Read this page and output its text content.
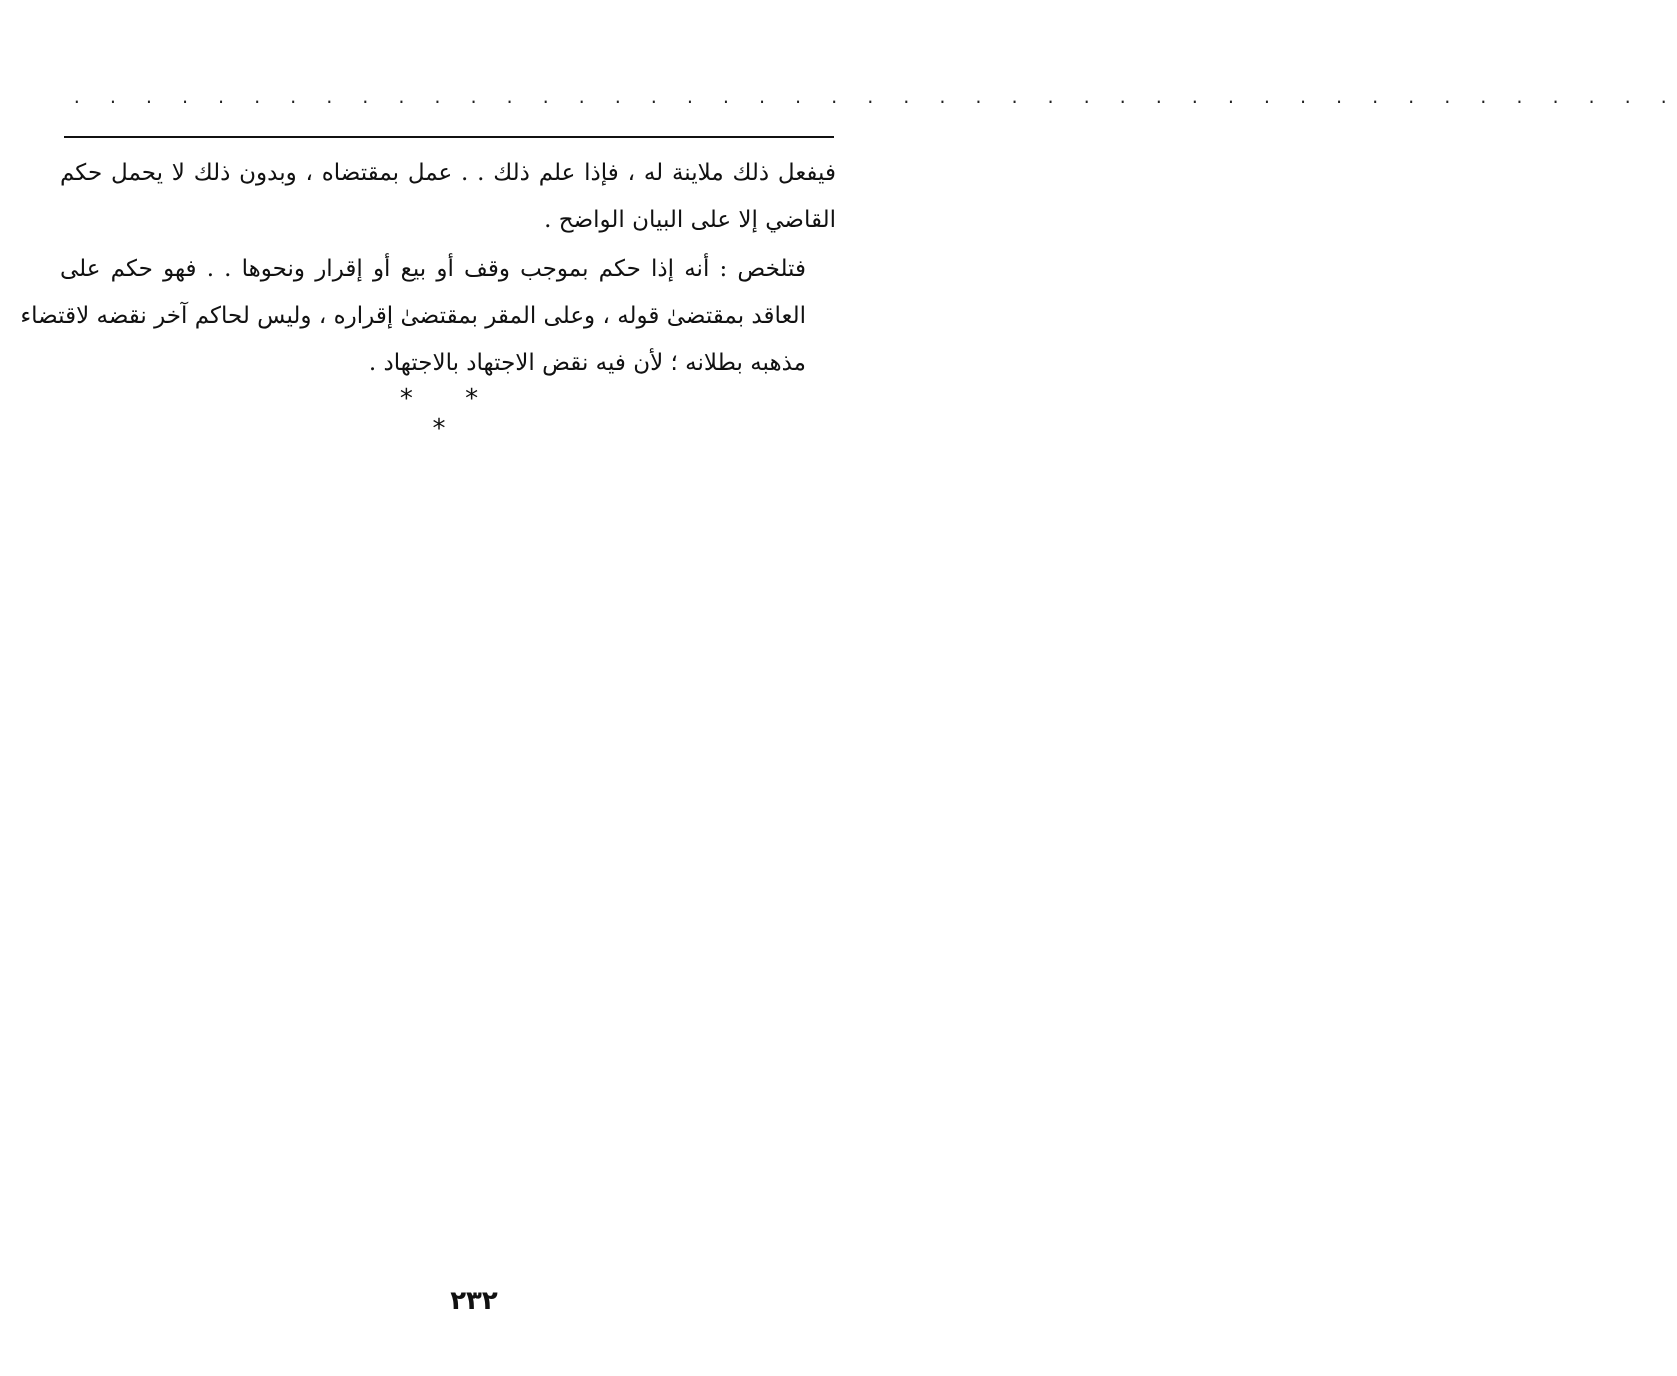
. . . . . . . . . . . . . . . . . . . . . . . . . . . . . . . . . . . . . . . . . . . . .
فيفعل ذلك ملاينة له ، فإذا علم ذلك . . عمل بمقتضاه ، وبدون ذلك لا يحمل حكم
القاضي إلا على البيان الواضح .
فتلخص : أنه إذا حكم بموجب وقف أو بيع أو إقرار ونحوها . . فهو حكم على
العاقد بمقتضىٰ قوله ، وعلى المقر بمقتضىٰ إقراره ، وليس لحاكم آخر نقضه لاقتضاء
مذهبه بطلانه ؛ لأن فيه نقض الاجتهاد بالاجتهاد .
* * *
٢٣٢
